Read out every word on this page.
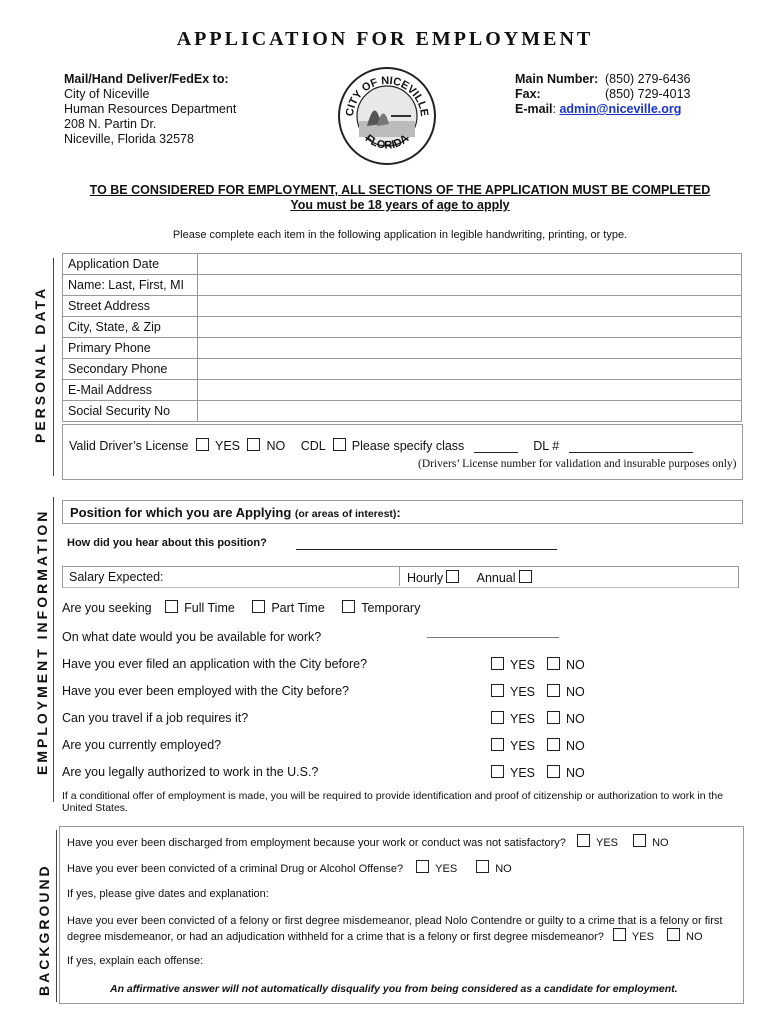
APPLICATION FOR EMPLOYMENT
Mail/Hand Deliver/FedEx to:
City of Niceville
Human Resources Department
208 N. Partin Dr.
Niceville, Florida 32578
CITY OF NICEVILLE
FLORIDA
Main Number: (850) 279-6436
Fax:	(850) 729-4013
E-mail: admin@niceville.org
TO BE CONSIDERED FOR EMPLOYMENT, ALL SECTIONS OF THE APPLICATION MUST BE COMPLETED
You must be 18 years of age to apply
Please complete each item in the following application in legible handwriting, printing, or type.
PERSONAL DATA
Application Date	
Name: Last, First, MI	
Street Address	
City, State, & Zip	
Primary Phone	
Secondary Phone	
E-Mail Address	
Social Security No	
Valid Driver’s License YES NO CDL Please specify class	DL #
(Drivers’ License number for validation and insurable purposes only)
EMPLOYMENT INFORMATION Position for which you are Applying (or areas of interest):
How did you hear about this position?
Salary Expected:	Hourly	Annual
Are you seeking	Full Time	Part Time	Temporary
On what date would you be available for work?
Have you ever filed an application with the City before?	YES NO
Have you ever been employed with the City before?	YES NO
Can you travel if a job requires it?	YES NO
Are you currently employed?	YES NO
Are you legally authorized to work in the U.S.?	YES NO
If a conditional offer of employment is made, you will be required to provide identification and proof of citizenship or authorization to work in the United States.
BACKGROUND
Have you ever been discharged from employment because your work or conduct was not satisfactory?	YES	NO
Have you ever been convicted of a criminal Drug or Alcohol Offense?	YES	NO
If yes, please give dates and explanation:
Have you ever been convicted of a felony or first degree misdemeanor, plead Nolo Contendre or guilty to a crime that is a felony or first degree misdemeanor, or had an adjudication withheld for a crime that is a felony or first degree misdemeanor?	YES	NO
If yes, explain each offense:
An affirmative answer will not automatically disqualify you from being considered as a candidate for employment.
